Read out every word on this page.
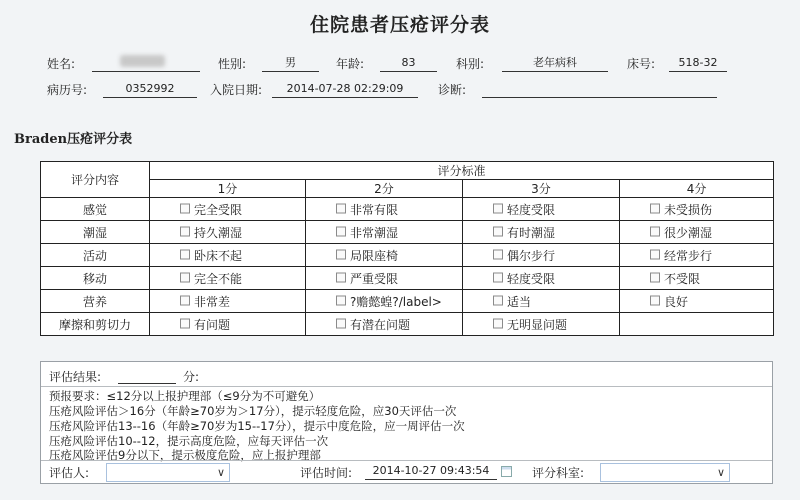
住院患者压疮评分表
姓名:	性别:	男	年龄:	83	科别:	老年病科	床号:	518-32
病历号:	0352992	入院日期:	2014-07-28 02:29:09	诊断:
Braden压疮评分表
评分内容	评分标准			
	1分	2分	3分	4分
感觉	完全受限	非常有限	轻度受限	未受损伤
潮湿	持久潮湿	非常潮湿	有时潮湿	很少潮湿
活动	卧床不起	局限座椅	偶尔步行	经常步行
移动	完全不能	严重受限	轻度受限	不受限
营养	非常差	?赡懿蝗?/label>	适当	良好
摩擦和剪切力	有问题	有潜在问题	无明显问题	
评估结果:	分:
预报要求：≤12分以上报护理部（≤9分为不可避免）
压疮风险评估＞16分（年龄≥70岁为＞17分），提示轻度危险，应30天评估一次
压疮风险评估13--16（年龄≥70岁为15--17分），提示中度危险，应一周评估一次
压疮风险评估10--12，提示高度危险，应每天评估一次
压疮风险评估9分以下，提示极度危险，应上报护理部
评估人:	∨	评估时间:	2014-10-27 09:43:54	评分科室:	∨
